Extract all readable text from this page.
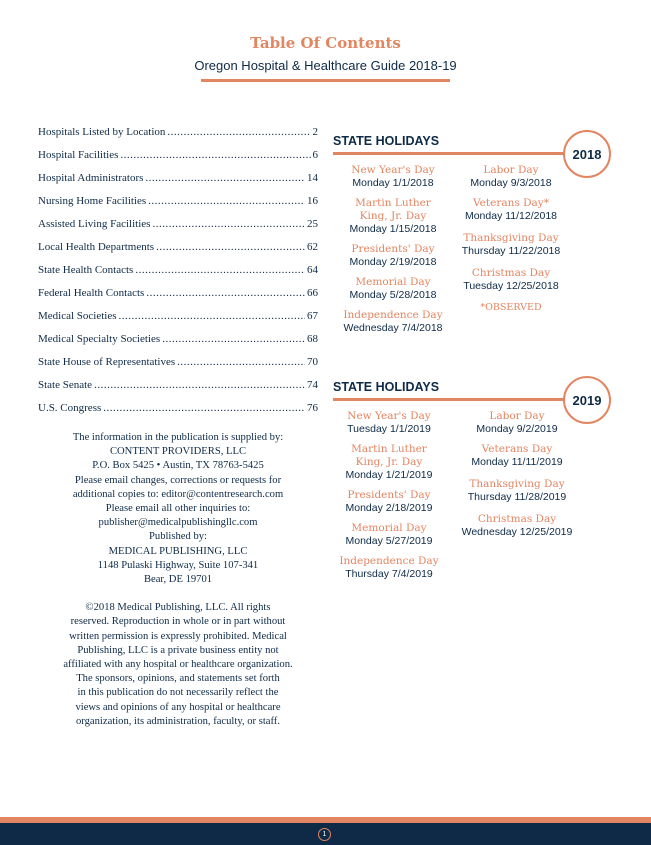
Table Of Contents
Oregon Hospital & Healthcare Guide 2018-19
Hospitals Listed by Location .....	2
Hospital Facilities .....	6
Hospital Administrators .....	14
Nursing Home Facilities .....	16
Assisted Living Facilities .....	25
Local Health Departments .....	62
State Health Contacts .....	64
Federal Health Contacts .....	66
Medical Societies .....	67
Medical Specialty Societies .....	68
State House of Representatives .....	70
State Senate .....	74
U.S. Congress .....	76

The information in the publication is supplied by:

CONTENT PROVIDERS, LLC

P.O. Box 5425 • Austin, TX 78763-5425

Please email changes, corrections or requests for

additional copies to: editor@contentresearch.com

Please email all other inquiries to:

publisher@medicalpublishingllc.com

Published by:

MEDICAL PUBLISHING, LLC

1148 Pulaski Highway, Suite 107-341

Bear, DE 19701

©2018 Medical Publishing, LLC. All rights

reserved. Reproduction in whole or in part without

written permission is expressly prohibited. Medical

Publishing, LLC is a private business entity not

affiliated with any hospital or healthcare organization.

The sponsors, opinions, and statements set forth

in this publication do not necessarily reflect the

views and opinions of any hospital or healthcare

organization, its administration, faculty, or staff.

STATE HOLIDAYS
2018
New Year's Day
Monday 1/1/2018
Martin Luther
King, Jr. Day
Monday 1/15/2018
Presidents' Day
Monday 2/19/2018
Memorial Day
Monday 5/28/2018
Independence Day
Wednesday 7/4/2018
Labor Day
Monday 9/3/2018
Veterans Day*
Monday 11/12/2018
Thanksgiving Day
Thursday 11/22/2018
Christmas Day
Tuesday 12/25/2018
*OBSERVED
STATE HOLIDAYS
2019
New Year's Day
Tuesday 1/1/2019
Martin Luther
King, Jr. Day
Monday 1/21/2019
Presidents' Day
Monday 2/18/2019
Memorial Day
Monday 5/27/2019
Independence Day
Thursday 7/4/2019
Labor Day
Monday 9/2/2019
Veterans Day
Monday 11/11/2019
Thanksgiving Day
Thursday 11/28/2019
Christmas Day
Wednesday 12/25/2019
1
